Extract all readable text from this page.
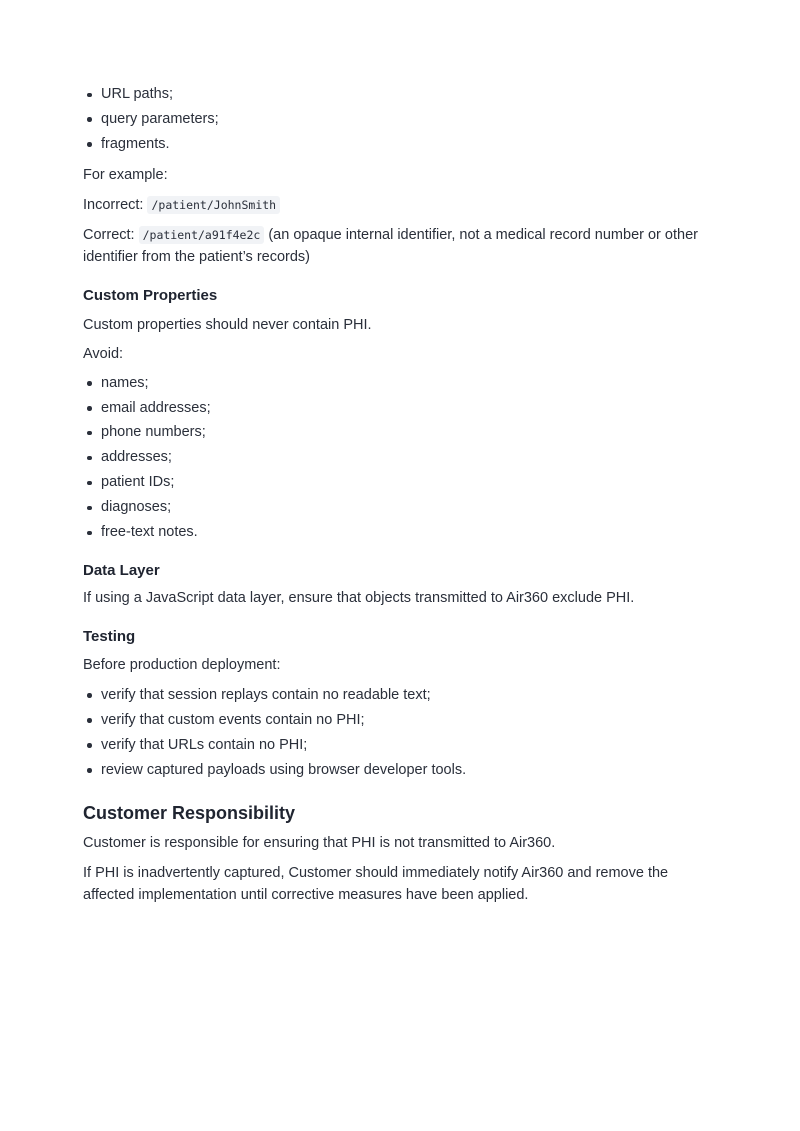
URL paths;
query parameters;
fragments.

For example:

Incorrect: /patient/JohnSmith

Correct: /patient/a91f4e2c (an opaque internal identifier, not a medical record number or other identifier from the patient’s records)

Custom Properties

Custom properties should never contain PHI.

Avoid:

names;
email addresses;
phone numbers;
addresses;
patient IDs;
diagnoses;
free-text notes.
Data Layer

If using a JavaScript data layer, ensure that objects transmitted to Air360 exclude PHI.

Testing

Before production deployment:

verify that session replays contain no readable text;
verify that custom events contain no PHI;
verify that URLs contain no PHI;
review captured payloads using browser developer tools.
Customer Responsibility

Customer is responsible for ensuring that PHI is not transmitted to Air360.

If PHI is inadvertently captured, Customer should immediately notify Air360 and remove the affected implementation until corrective measures have been applied.
